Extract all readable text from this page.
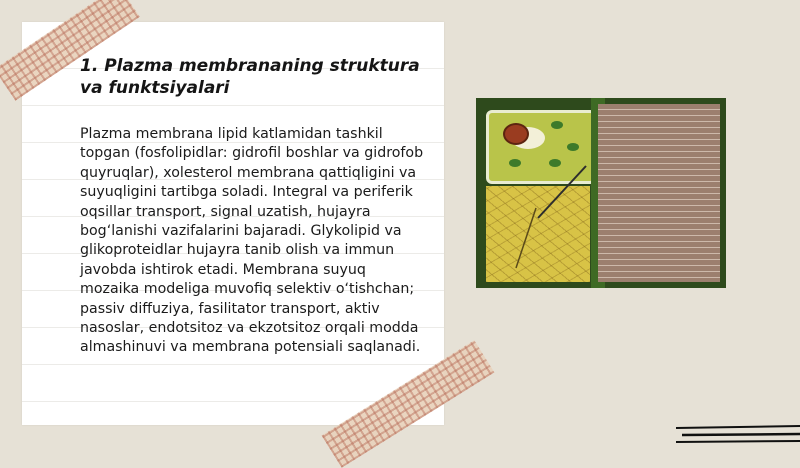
1. Plazma membrananing struktura va funktsiyalari

Plazma membrana lipid katlamidan tashkil topgan (fosfolipidlar: gidrofil boshlar va gidrofob quyruqlar), xolesterol membrana qattiqligini va suyuqligini tartibga soladi. Integral va periferik oqsillar transport, signal uzatish, hujayra bog‘lanishi vazifalarini bajaradi. Glykolipid va glikoproteidlar hujayra tanib olish va immun javobda ishtirok etadi. Membrana suyuq mozaika modeliga muvofiq selektiv o‘tishchan; passiv diffuziya, fasilitator transport, aktiv nasoslar, endotsitoz va ekzotsitoz orqali modda almashinuvi va membrana potensiali saqlanadi.
